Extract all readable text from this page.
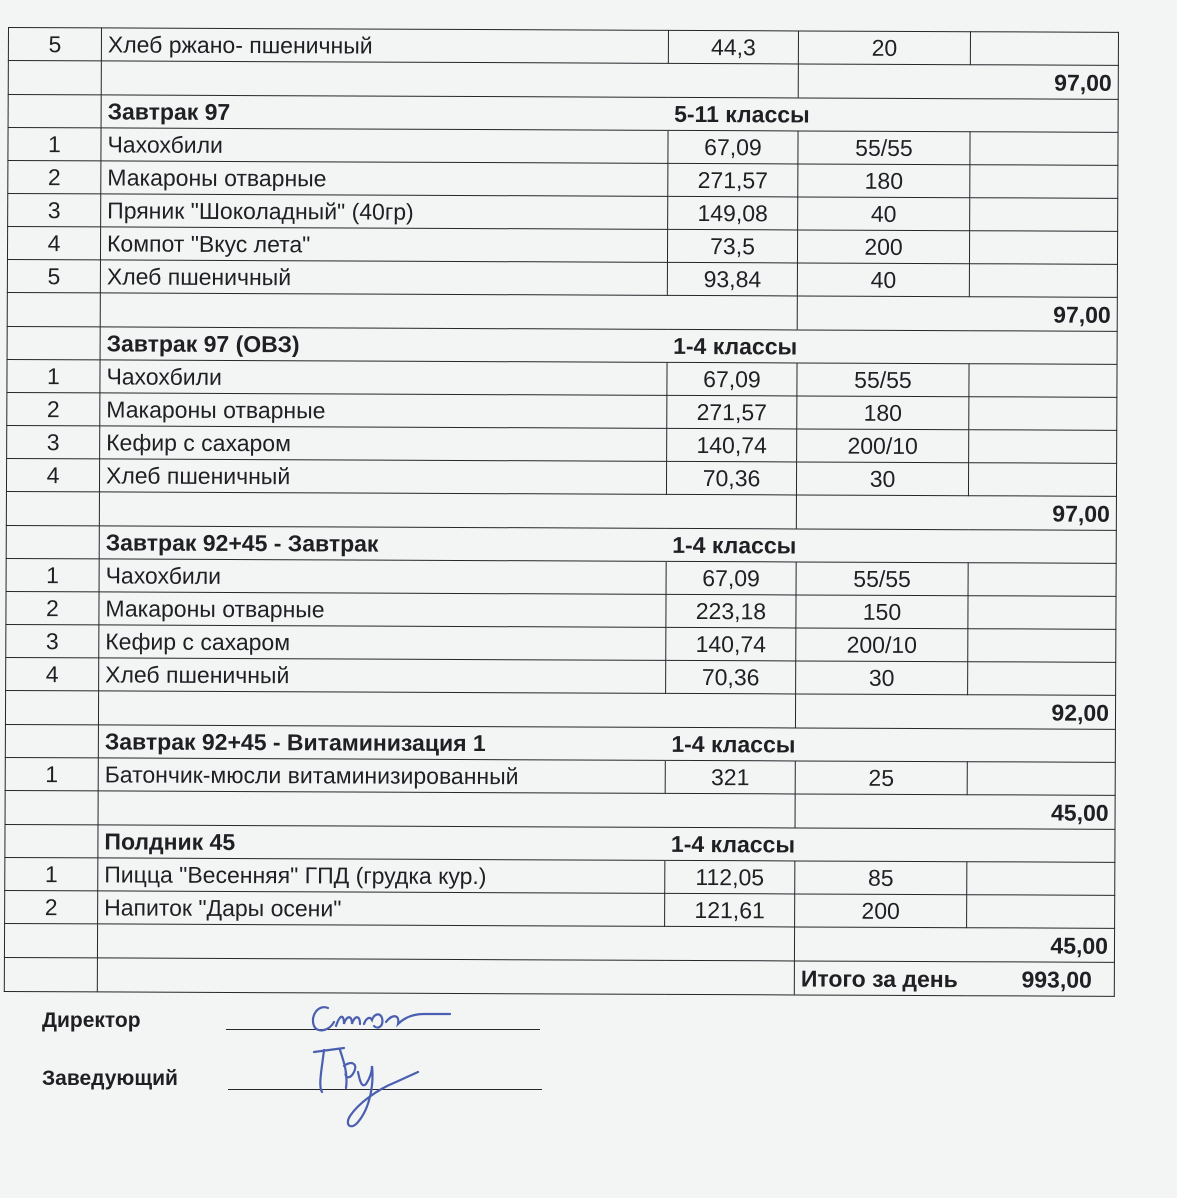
5	Хлеб ржано- пшеничный	44,3	20	
			97,00	
	Завтрак 97	5-11 классы		
1	Чахохбили	67,09	55/55	
2	Макароны отварные	271,57	180	
3	Пряник "Шоколадный" (40гр)	149,08	40	
4	Компот "Вкус лета"	73,5	200	
5	Хлеб пшеничный	93,84	40	
			97,00	
	Завтрак 97 (ОВЗ)	1-4 классы		
1	Чахохбили	67,09	55/55	
2	Макароны отварные	271,57	180	
3	Кефир с сахаром	140,74	200/10	
4	Хлеб пшеничный	70,36	30	
			97,00	
	Завтрак 92+45 - Завтрак	1-4 классы		
1	Чахохбили	67,09	55/55	
2	Макароны отварные	223,18	150	
3	Кефир с сахаром	140,74	200/10	
4	Хлеб пшеничный	70,36	30	
			92,00	
	Завтрак 92+45 - Витаминизация 1	1-4 классы		
1	Батончик-мюсли витаминизированный	321	25	
			45,00	
	Полдник 45	1-4 классы		
1	Пицца "Весенняя" ГПД (грудка кур.)	112,05	85	
2	Напиток "Дары осени"	121,61	200	
			45,00	

			Итого за день 993,00	
Директор
Заведующий
